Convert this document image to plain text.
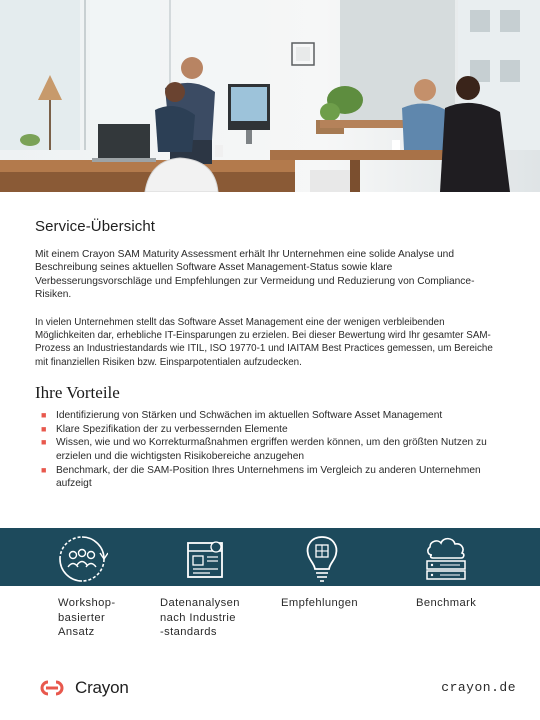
Service-Übersicht

Mit einem Crayon SAM Maturity Assessment erhält Ihr Unternehmen eine solide Analyse und Beschreibung seines aktuellen Software Asset Management-Status sowie klare Verbesserungsvorschläge und Empfehlungen zur Vermeidung und Reduzierung von Compliance-Risiken.

In vielen Unternehmen stellt das Software Asset Management eine der wenigen verbleibenden Möglichkeiten dar, erhebliche IT-Einsparungen zu erzielen. Bei dieser Bewertung wird Ihr gesamter SAM-Prozess an Industriestandards wie ITIL, ISO 19770-1 und IAITAM Best Practices gemessen, um Bereiche mit finanziellen Risiken bzw. Einsparpotentialen aufzudecken.

Ihre Vorteile
■ Identifizierung von Stärken und Schwächen im aktuellen Software Asset Management
■ Klare Spezifikation der zu verbessernden Elemente
■ Wissen, wie und wo Korrekturmaßnahmen ergriffen werden können, um den größten Nutzen zu erzielen und die wichtigsten Risikobereiche anzugehen
■ Benchmark, der die SAM-Position Ihres Unternehmens im Vergleich zu anderen Unternehmen aufzeigt
Workshop-
basierter
Ansatz
Datenanalysen
nach Industrie
-standards
Empfehlungen	Benchmark
Crayon	crayon.de
